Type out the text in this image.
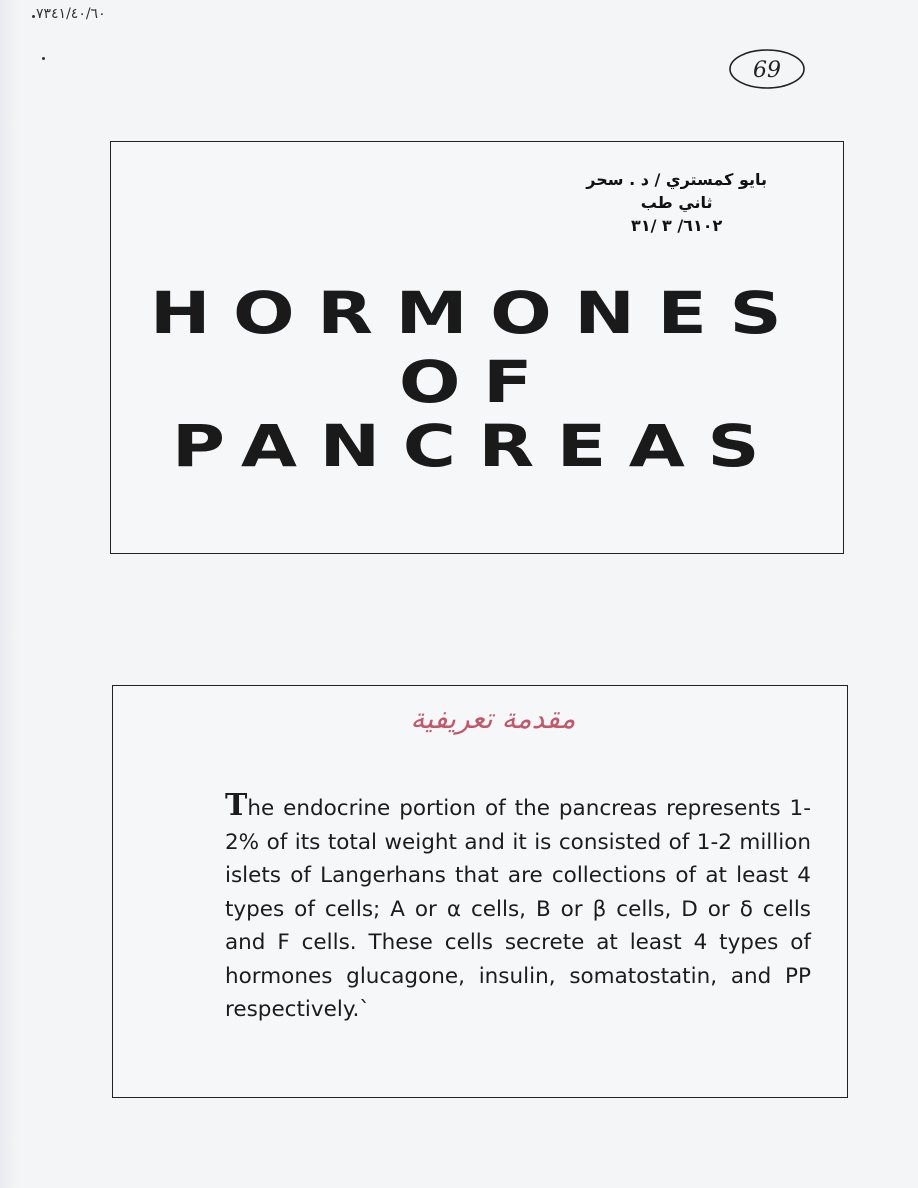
٠٦/٠٤/١٤٣٧
69
بايو كمستري / د . سحر
ثاني طب
٢٠١٦/ ٣ /١٣
HORMONES
OF
PANCREAS
مقدمة تعريفية
The endocrine portion of the pancreas represents 1-2% of its total weight and it is consisted of 1-2 million islets of Langerhans that are collections of at least 4 types of cells; A or α cells, B or β cells, D or δ cells and F cells. These cells secrete at least 4 types of hormones glucagone, insulin, somatostatin, and PP respectively.`
